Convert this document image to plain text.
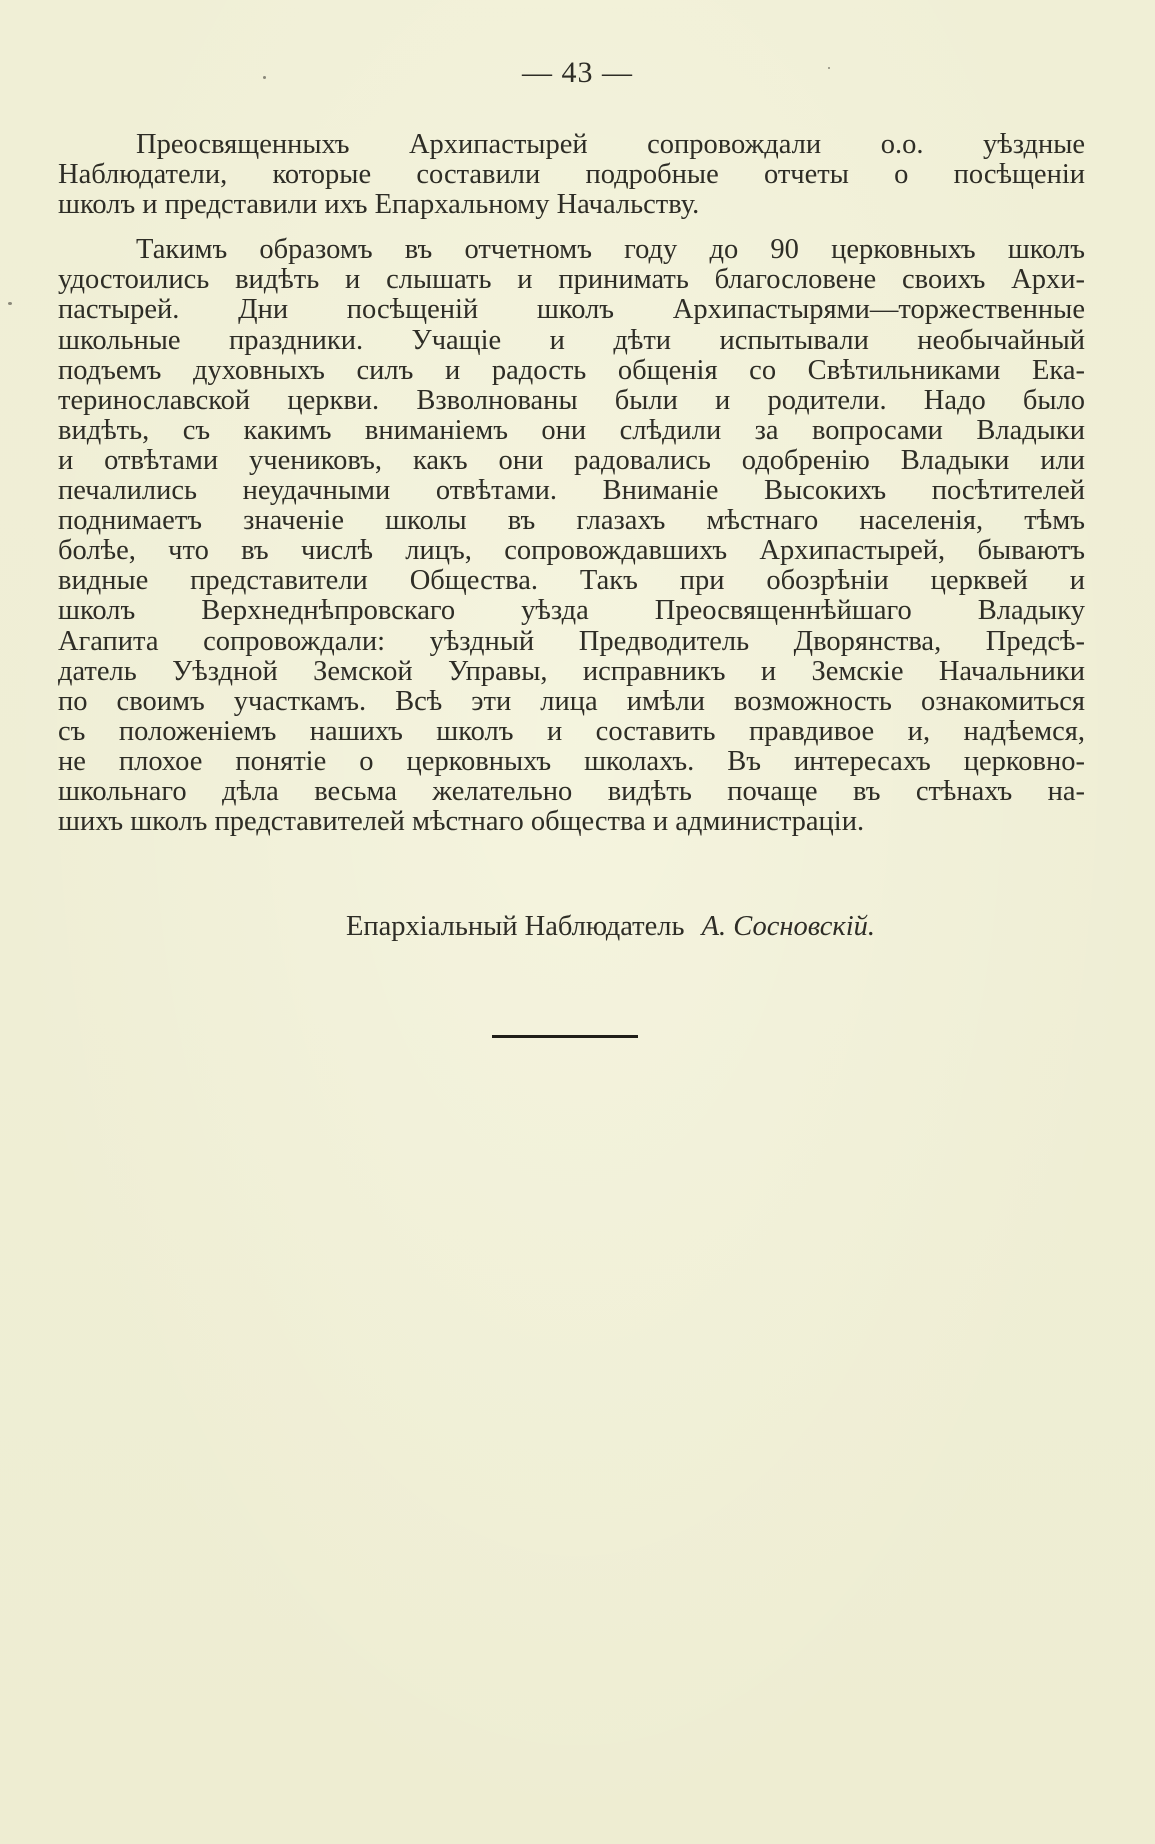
— 43 —

Преосвященныхъ Архипастырей сопровождали о.о. уѣздные
Наблюдатели, которые составили подробные отчеты о посѣщенiи
школъ и представили ихъ Епархальному Начальству.

Такимъ образомъ въ отчетномъ году до 90 церковныхъ школъ
удостоились видѣть и слышать и принимать благословене своихъ Архи-
пастырей. Дни посѣщенiй школъ Архипастырями—торжественные
школьные праздники. Учащiе и дѣти испытывали необычайный
подъемъ духовныхъ силъ и радость общенiя со Свѣтильниками Ека-
теринославской церкви. Взволнованы были и родители. Надо было
видѣть, съ какимъ вниманiемъ они слѣдили за вопросами Владыки
и отвѣтами учениковъ, какъ они радовались одобренiю Владыки или
печалились неудачными отвѣтами. Вниманiе Высокихъ посѣтителей
поднимаетъ значенiе школы въ глазахъ мѣстнаго населенiя, тѣмъ
болѣе, что въ числѣ лицъ, сопровождавшихъ Архипастырей, бываютъ
видные представители Общества. Такъ при обозрѣнiи церквей и
школъ Верхнеднѣпровскаго уѣзда Преосвященнѣйшаго Владыку
Агапита сопровождали: уѣздный Предводитель Дворянства, Предсѣ-
датель Уѣздной Земской Управы, исправникъ и Земскiе Начальники
по своимъ участкамъ. Всѣ эти лица имѣли возможность ознакомиться
съ положенiемъ нашихъ школъ и составить правдивое и, надѣемся,
не плохое понятiе о церковныхъ школахъ. Въ интересахъ церковно-
школьнаго дѣла весьма желательно видѣть почаще въ стѣнахъ на-
шихъ школъ представителей мѣстнаго общества и администрацiи.

Епархiальный Наблюдатель А. Сосновскiй.
